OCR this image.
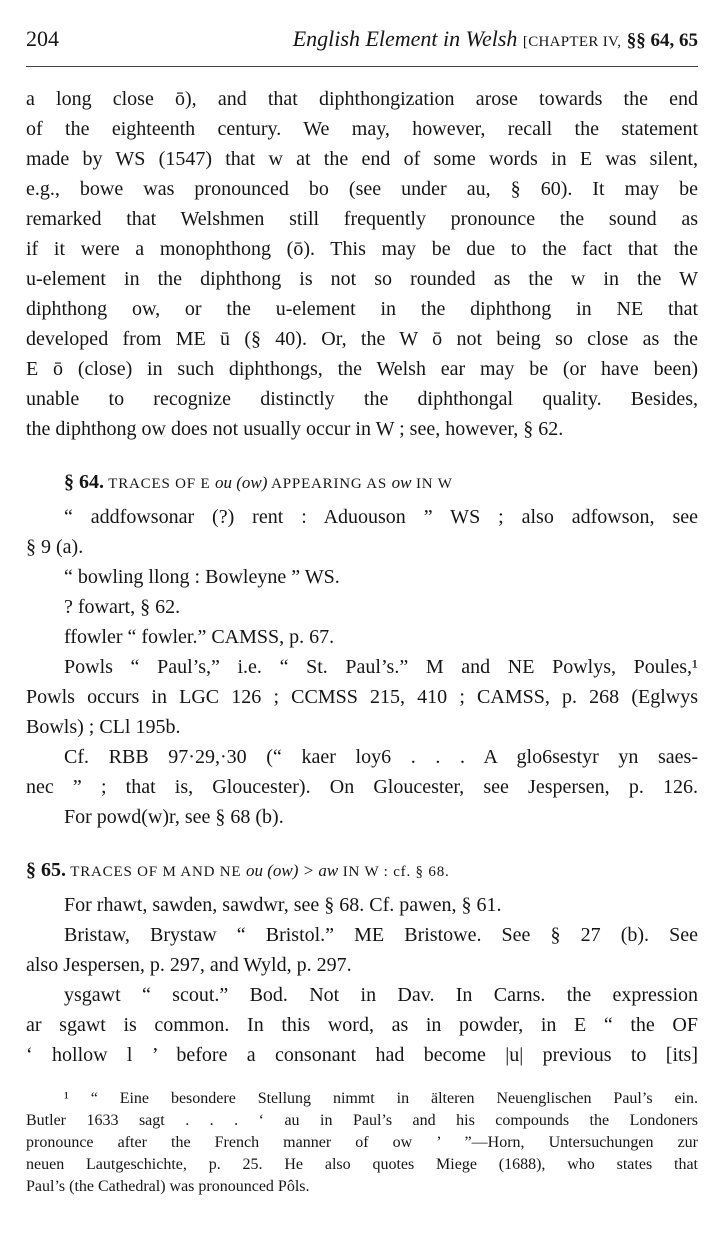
204	English Element in Welsh [CHAPTER IV, §§ 64, 65

a long close ō), and that diphthongization arose towards the end
of the eighteenth century. We may, however, recall the statement
made by WS (1547) that w at the end of some words in E was silent,
e.g., bowe was pronounced bo (see under au, § 60). It may be
remarked that Welshmen still frequently pronounce the sound as
if it were a monophthong (ō). This may be due to the fact that the
u-element in the diphthong is not so rounded as the w in the W
diphthong ow, or the u-element in the diphthong in NE that
developed from ME ū (§ 40). Or, the W ō not being so close as the
E ō (close) in such diphthongs, the Welsh ear may be (or have been)
unable to recognize distinctly the diphthongal quality. Besides,
the diphthong ow does not usually occur in W ; see, however, § 62.

§ 64. TRACES OF E ou (ow) APPEARING AS ow IN W
“ addfowsonar (?) rent : Aduouson ” WS ; also adfowson, see
§ 9 (a).
“ bowling llong : Bowleyne ” WS.
? fowart, § 62.
ffowler “ fowler.” CAMSS, p. 67.
Powls “ Paul’s,” i.e. “ St. Paul’s.” M and NE Powlys, Poules,¹
Powls occurs in LGC 126 ; CCMSS 215, 410 ; CAMSS, p. 268 (Eglwys
Bowls) ; CLl 195b.
Cf. RBB 97·29,·30 (“ kaer loy6 . . . A glo6sestyr yn saes-
nec ” ; that is, Gloucester). On Gloucester, see Jespersen, p. 126.
For powd(w)r, see § 68 (b).
§ 65. TRACES OF M AND NE ou (ow) > aw IN W : cf. § 68.
For rhawt, sawden, sawdwr, see § 68. Cf. pawen, § 61.
Bristaw, Brystaw “ Bristol.” ME Bristowe. See § 27 (b). See
also Jespersen, p. 297, and Wyld, p. 297.
ysgawt “ scout.” Bod. Not in Dav. In Carns. the expression
ar sgawt is common. In this word, as in powder, in E “ the OF
‘ hollow l ’ before a consonant had become |u| previous to [its]
¹ “ Eine besondere Stellung nimmt in älteren Neuenglischen Paul’s ein.
Butler 1633 sagt . . . ‘ au in Paul’s and his compounds the Londoners
pronounce after the French manner of ow ’ ”—Horn, Untersuchungen zur
neuen Lautgeschichte, p. 25. He also quotes Miege (1688), who states that
Paul’s (the Cathedral) was pronounced Pôls.
